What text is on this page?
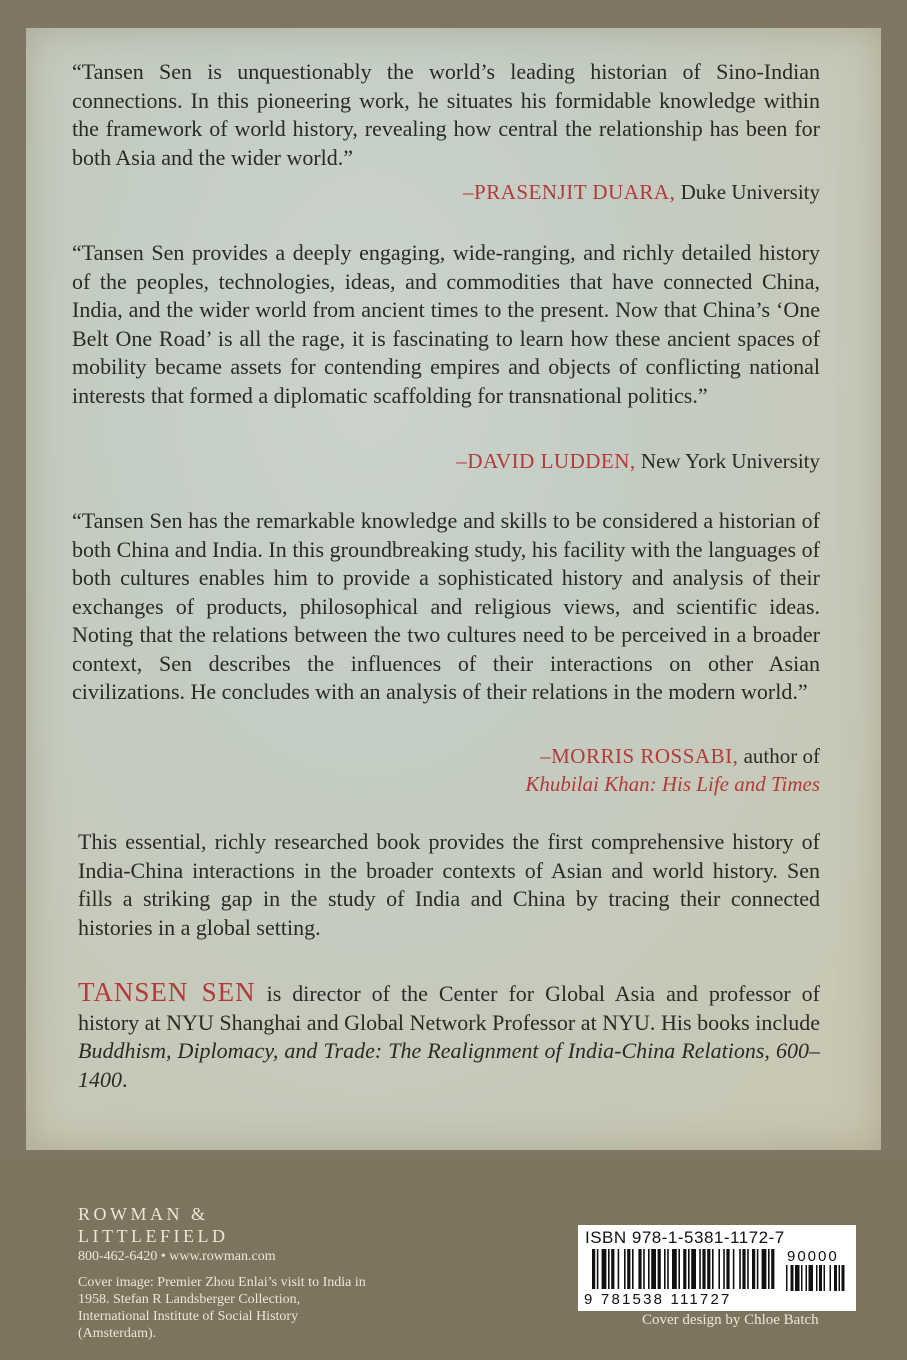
“Tansen Sen is unquestionably the world’s leading historian of Sino-Indian connections. In this pioneering work, he situates his formidable knowledge within the framework of world history, revealing how central the relationship has been for both Asia and the wider world.”

–PRASENJIT DUARA, Duke University

“Tansen Sen provides a deeply engaging, wide-ranging, and richly detailed history of the peoples, technologies, ideas, and commodities that have connected China, India, and the wider world from ancient times to the present. Now that China’s ‘One Belt One Road’ is all the rage, it is fascinating to learn how these ancient spaces of mobility became assets for contending empires and objects of conflicting national interests that formed a diplomatic scaffolding for transnational politics.”

–DAVID LUDDEN, New York University

“Tansen Sen has the remarkable knowledge and skills to be considered a historian of both China and India. In this groundbreaking study, his facility with the languages of both cultures enables him to provide a sophisticated history and analysis of their exchanges of products, philosophical and religious views, and scientific ideas. Noting that the relations between the two cultures need to be perceived in a broader context, Sen describes the influences of their interactions on other Asian civilizations. He concludes with an analysis of their relations in the modern world.”

–MORRIS ROSSABI, author of
Khubilai Khan: His Life and Times

This essential, richly researched book provides the first comprehensive history of India-China interactions in the broader contexts of Asian and world history. Sen fills a striking gap in the study of India and China by tracing their connected histories in a global setting.

TANSEN SEN is director of the Center for Global Asia and professor of history at NYU Shanghai and Global Network Professor at NYU. His books include Buddhism, Diplomacy, and Trade: The Realignment of India-China Relations, 600–1400.

ROWMAN &
LITTLEFIELD
800-462-6420 • www.rowman.com

Cover image: Premier Zhou Enlai’s visit to India in 1958. Stefan R Landsberger Collection, International Institute of Social History (Amsterdam).

ISBN 978-1-5381-1172-7
90000
9 781538 111727
Cover design by Chloe Batch
